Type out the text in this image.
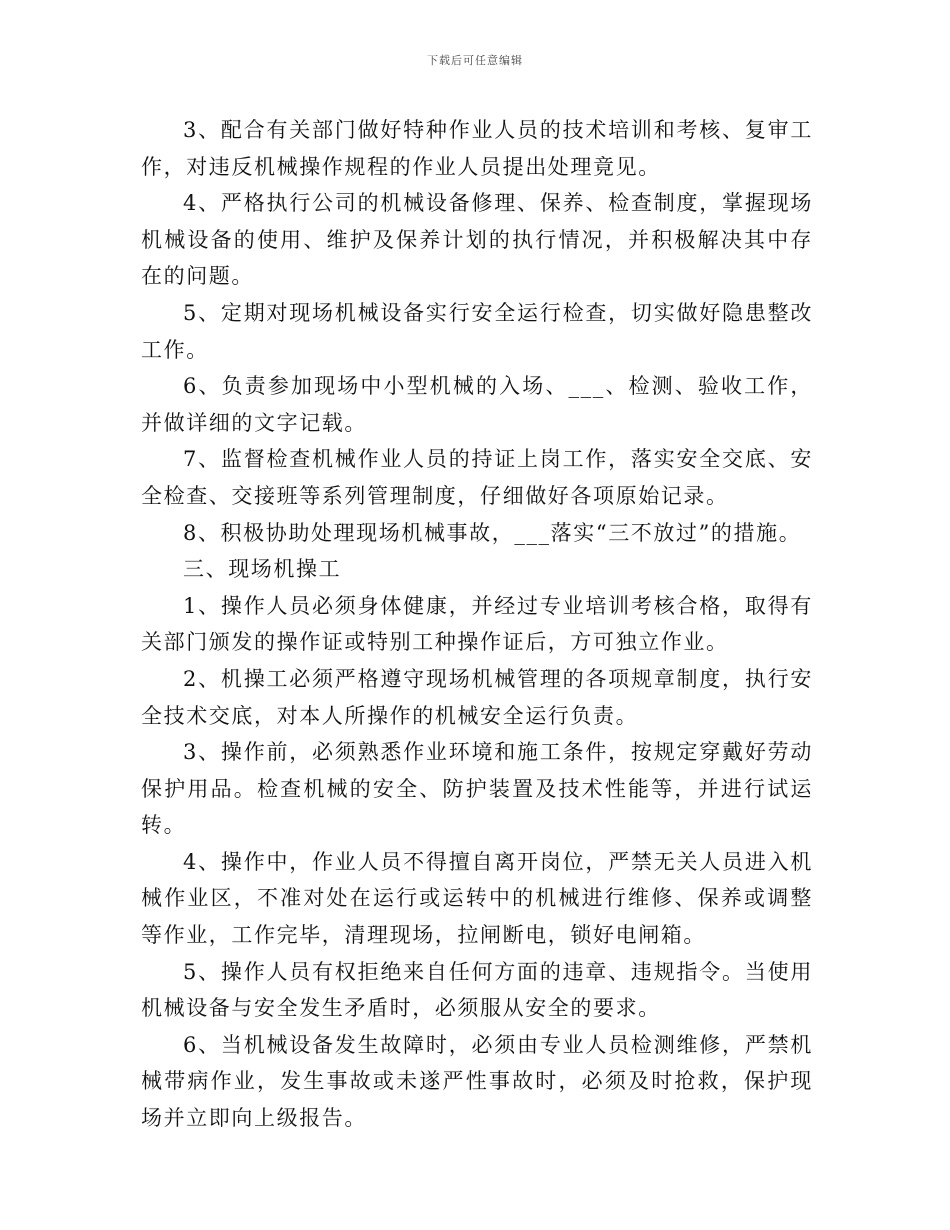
下载后可任意编辑

3、配合有关部门做好特种作业人员的技术培训和考核、复审工作，对违反机械操作规程的作业人员提出处理竟见。

4、严格执行公司的机械设备修理、保养、检查制度，掌握现场机械设备的使用、维护及保养计划的执行情况，并积极解决其中存在的问题。

5、定期对现场机械设备实行安全运行检查，切实做好隐患整改工作。

6、负责参加现场中小型机械的入场、___、检测、验收工作，并做详细的文字记载。

7、监督检查机械作业人员的持证上岗工作，落实安全交底、安全检查、交接班等系列管理制度，仔细做好各项原始记录。

8、积极协助处理现场机械事故，___落实“三不放过”的措施。

三、现场机操工

1、操作人员必须身体健康，并经过专业培训考核合格，取得有关部门颁发的操作证或特别工种操作证后，方可独立作业。

2、机操工必须严格遵守现场机械管理的各项规章制度，执行安全技术交底，对本人所操作的机械安全运行负责。

3、操作前，必须熟悉作业环境和施工条件，按规定穿戴好劳动保护用品。检查机械的安全、防护装置及技术性能等，并进行试运转。

4、操作中，作业人员不得擅自离开岗位，严禁无关人员进入机械作业区，不准对处在运行或运转中的机械进行维修、保养或调整等作业，工作完毕，清理现场，拉闸断电，锁好电闸箱。

5、操作人员有权拒绝来自任何方面的违章、违规指令。当使用机械设备与安全发生矛盾时，必须服从安全的要求。

6、当机械设备发生故障时，必须由专业人员检测维修，严禁机械带病作业，发生事故或未遂严性事故时，必须及时抢救，保护现场并立即向上级报告。
